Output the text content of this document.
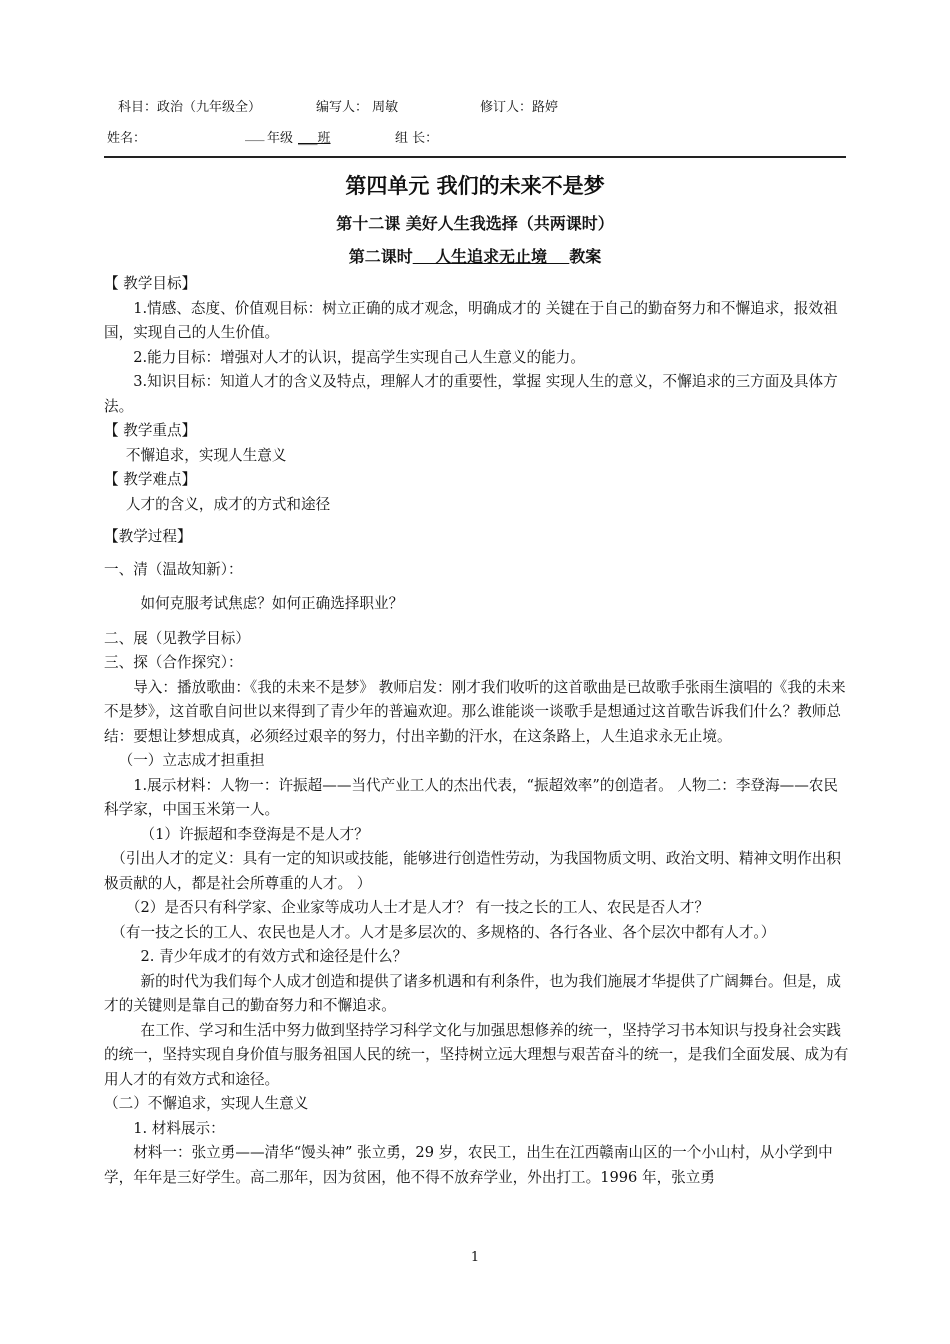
科目：政治（九年级全）	编写人： 周敏	修订人：路婷
姓名：	___ 年级 ___班	组 长：
第四单元 我们的未来不是梦
第十二课 美好人生我选择（共两课时）
第二课时    人生追求无止境    教案

【 教学目标】

1.情感、态度、价值观目标：树立正确的成才观念，明确成才的 关键在于自己的勤奋努力和不懈追求，报效祖国，实现自己的人生价值。

2.能力目标：增强对人才的认识，提高学生实现自己人生意义的能力。

3.知识目标：知道人才的含义及特点，理解人才的重要性，掌握 实现人生的意义，不懈追求的三方面及具体方法。

【 教学重点】

不懈追求，实现人生意义

【 教学难点】

人才的含义，成才的方式和途径

【教学过程】

一、清（温故知新）：

如何克服考试焦虑？如何正确选择职业？

二、展（见教学目标）

三、探（合作探究）：

导入：播放歌曲：《我的未来不是梦》 教师启发：刚才我们收听的这首歌曲是已故歌手张雨生演唱的《我的未来不是梦》，这首歌自问世以来得到了青少年的普遍欢迎。那么谁能谈一谈歌手是想通过这首歌告诉我们什么？教师总结：要想让梦想成真，必须经过艰辛的努力，付出辛勤的汗水，在这条路上，人生追求永无止境。

（一）立志成才担重担

1.展示材料：人物一：许振超——当代产业工人的杰出代表，“振超效率”的创造者。 人物二：李登海——农民科学家，中国玉米第一人。

（1）许振超和李登海是不是人才？

（引出人才的定义：具有一定的知识或技能，能够进行创造性劳动，为我国物质文明、政治文明、精神文明作出积极贡献的人，都是社会所尊重的人才。 ）

（2）是否只有科学家、企业家等成功人士才是人才？ 有一技之长的工人、农民是否人才？

（有一技之长的工人、农民也是人才。人才是多层次的、多规格的、各行各业、各个层次中都有人才。）

2. 青少年成才的有效方式和途径是什么？

新的时代为我们每个人成才创造和提供了诸多机遇和有利条件，也为我们施展才华提供了广阔舞台。但是，成才的关键则是靠自己的勤奋努力和不懈追求。

在工作、学习和生活中努力做到坚持学习科学文化与加强思想修养的统一，坚持学习书本知识与投身社会实践的统一，坚持实现自身价值与服务祖国人民的统一，坚持树立远大理想与艰苦奋斗的统一，是我们全面发展、成为有用人才的有效方式和途径。

（二）不懈追求，实现人生意义

1. 材料展示：

材料一：张立勇——清华“馒头神” 张立勇，29 岁，农民工，出生在江西赣南山区的一个小山村，从小学到中学，年年是三好学生。高二那年，因为贫困，他不得不放弃学业，外出打工。1996 年，张立勇

1
